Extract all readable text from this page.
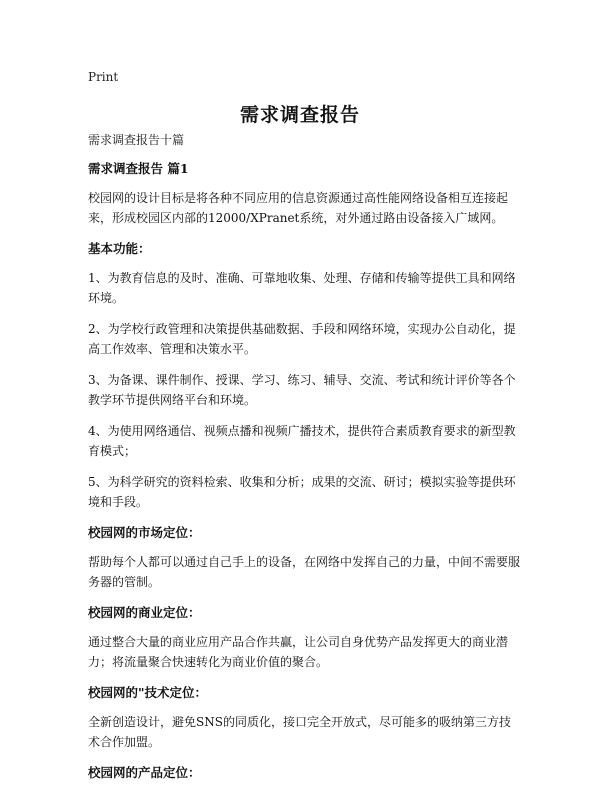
Print
需求调查报告
需求调查报告十篇
需求调查报告 篇1
校园网的设计目标是将各种不同应用的信息资源通过高性能网络设备相互连接起来，形成校园区内部的12000/XPranet系统，对外通过路由设备接入广域网。
基本功能：
1、为教育信息的及时、准确、可靠地收集、处理、存储和传输等提供工具和网络环境。
2、为学校行政管理和决策提供基础数据、手段和网络环境，实现办公自动化，提高工作效率、管理和决策水平。
3、为备课、课件制作、授课、学习、练习、辅导、交流、考试和统计评价等各个教学环节提供网络平台和环境。
4、为使用网络通信、视频点播和视频广播技术，提供符合素质教育要求的新型教育模式；
5、为科学研究的资料检索、收集和分析；成果的交流、研讨；模拟实验等提供环境和手段。
校园网的市场定位：
帮助每个人都可以通过自己手上的设备，在网络中发挥自己的力量，中间不需要服务器的管制。
校园网的商业定位：
通过整合大量的商业应用产品合作共赢，让公司自身优势产品发挥更大的商业潜力；将流量聚合快速转化为商业价值的聚合。
校园网的"技术定位：
全新创造设计，避免SNS的同质化，接口完全开放式，尽可能多的吸纳第三方技术合作加盟。
校园网的产品定位：
